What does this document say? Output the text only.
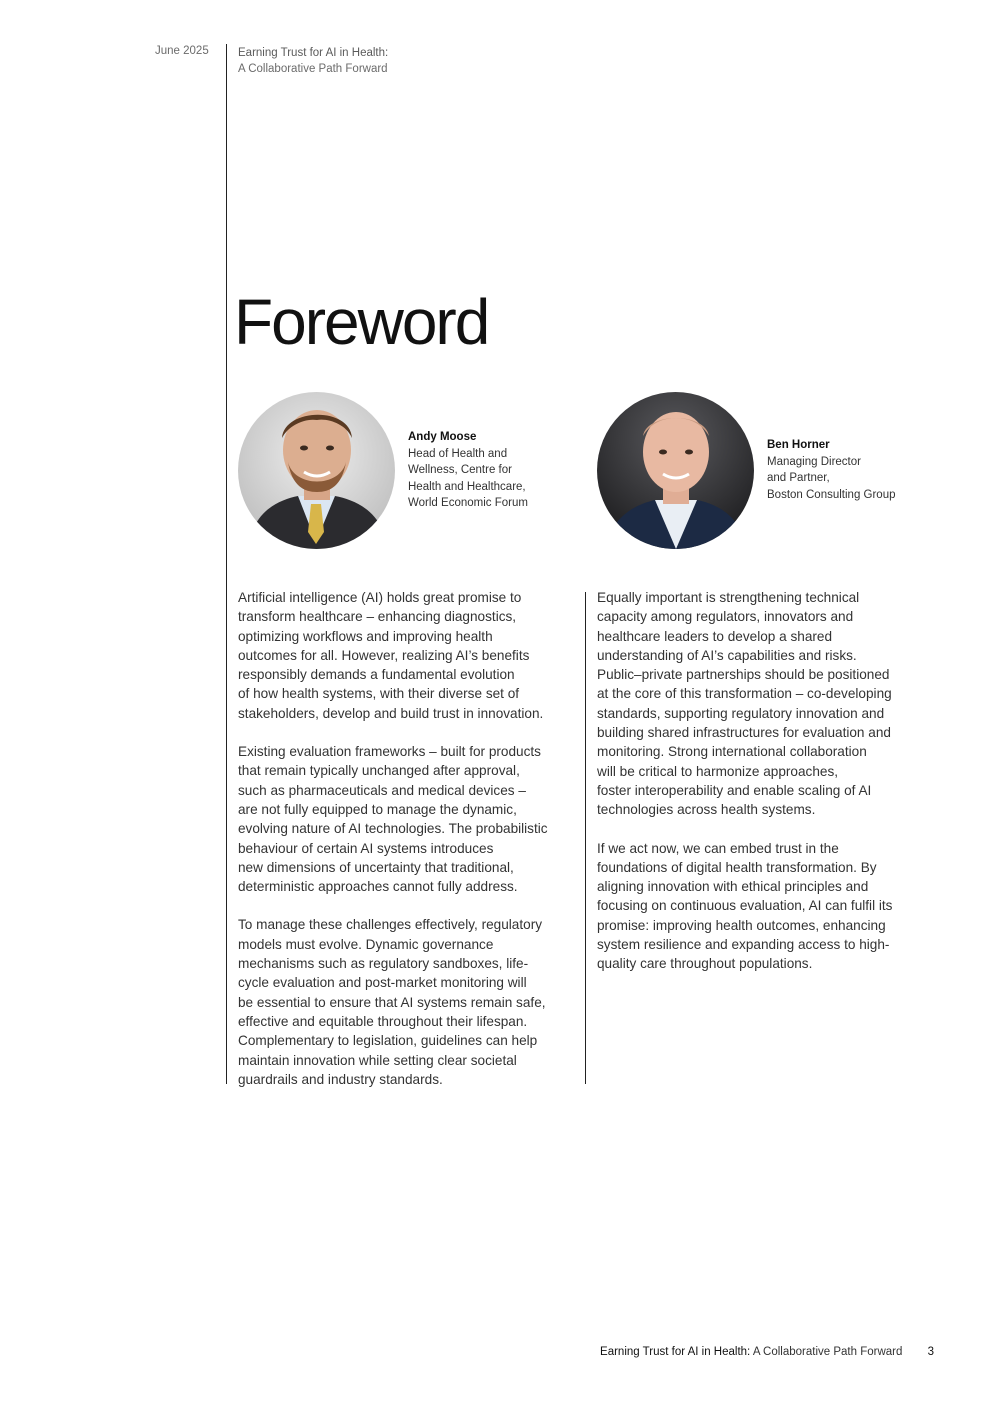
June 2025	Earning Trust for AI in Health:
A Collaborative Path Forward
Foreword
Andy Moose
Head of Health and
Wellness, Centre for
Health and Healthcare,
World Economic Forum
Ben Horner
Managing Director
and Partner,
Boston Consulting Group

Artificial intelligence (AI) holds great promise to
transform healthcare – enhancing diagnostics,
optimizing workflows and improving health
outcomes for all. However, realizing AI’s benefits
responsibly demands a fundamental evolution
of how health systems, with their diverse set of
stakeholders, develop and build trust in innovation.

Existing evaluation frameworks – built for products
that remain typically unchanged after approval,
such as pharmaceuticals and medical devices –
are not fully equipped to manage the dynamic,
evolving nature of AI technologies. The probabilistic
behaviour of certain AI systems introduces
new dimensions of uncertainty that traditional,
deterministic approaches cannot fully address.

To manage these challenges effectively, regulatory
models must evolve. Dynamic governance
mechanisms such as regulatory sandboxes, life-
cycle evaluation and post-market monitoring will
be essential to ensure that AI systems remain safe,
effective and equitable throughout their lifespan.
Complementary to legislation, guidelines can help
maintain innovation while setting clear societal
guardrails and industry standards.

Equally important is strengthening technical
capacity among regulators, innovators and
healthcare leaders to develop a shared
understanding of AI’s capabilities and risks.
Public–private partnerships should be positioned
at the core of this transformation – co-developing
standards, supporting regulatory innovation and
building shared infrastructures for evaluation and
monitoring. Strong international collaboration
will be critical to harmonize approaches,
foster interoperability and enable scaling of AI
technologies across health systems.

If we act now, we can embed trust in the
foundations of digital health transformation. By
aligning innovation with ethical principles and
focusing on continuous evaluation, AI can fulfil its
promise: improving health outcomes, enhancing
system resilience and expanding access to high-
quality care throughout populations.

Earning Trust for AI in Health: A Collaborative Path Forward 3
